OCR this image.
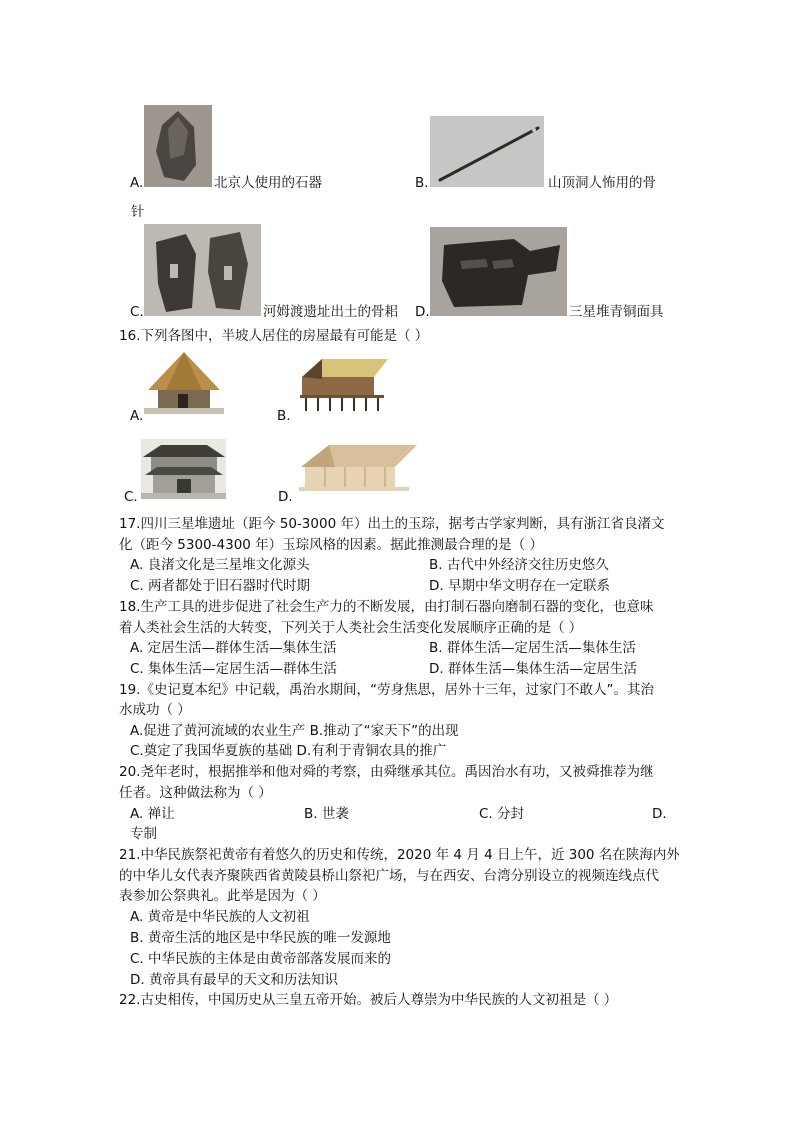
A.	北京人使用的石器	B.	山顶洞人怖用的骨
针
C.	河姆渡遗址出土的骨耜 D.	三星堆青铜面具
16.下列各图中，半坡人居住的房屋最有可能是（ ）
A.	B.
C.	D.
17.四川三星堆遗址（距今 50-3000 年）出土的玉琮，据考古学家判断，具有浙江省良渚文
化（距今 5300-4300 年）玉琮风格的因素。据此推测最合理的是（ ）
A. 良渚文化是三星堆文化源头	B. 古代中外经济交往历史悠久
C. 两者都处于旧石器时代时期	D. 早期中华文明存在一定联系
18.生产工具的进步促进了社会生产力的不断发展，由打制石器向磨制石器的变化，也意味
着人类社会生活的大转变，下列关于人类社会生活变化发展顺序正确的是（ ）
A. 定居生活—群体生活—集体生活	B. 群体生活—定居生活—集体生活
C. 集体生活—定居生活—群体生活	D. 群体生活—集体生活—定居生活
19.《史记夏本纪》中记载，禹治水期间，“劳身焦思，居外十三年，过家门不敢人”。其治
水成功（ ）
A.促进了黄河流域的农业生产 B.推动了“家天下”的出现
C.奠定了我国华夏族的基础 D.有利于青铜农具的推广
20.尧年老时，根据推举和他对舜的考察，由舜继承其位。禹因治水有功，又被舜推荐为继
任者。这种做法称为（ ）
A. 禅让	B. 世袭	C. 分封	D.
专制
21.中华民族祭祀黄帝有着悠久的历史和传统，2020 年 4 月 4 日上午，近 300 名在陕海内外
的中华儿女代表齐聚陕西省黄陵县桥山祭祀广场，与在西安、台湾分别设立的视频连线点代
表参加公祭典礼。此举是因为（ ）
A. 黄帝是中华民族的人文初祖
B. 黄帝生活的地区是中华民族的唯一发源地
C. 中华民族的主体是由黄帝部落发展而来的
D. 黄帝具有最早的天文和历法知识
22.古史相传，中国历史从三皇五帝开始。被后人尊崇为中华民族的人文初祖是（ ）
